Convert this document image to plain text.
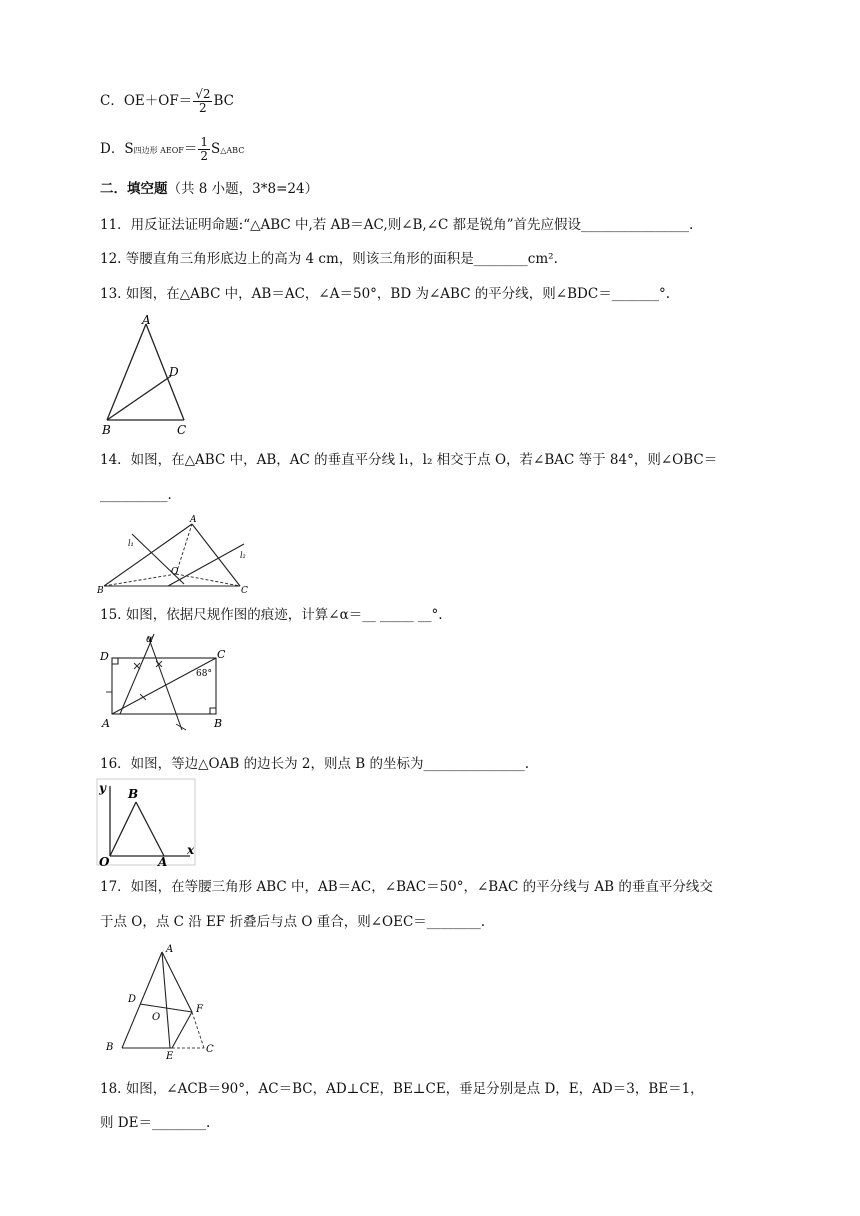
C．$OE+OF= \frac{√2}{2}$ BC
D．S四边形 AEOF＝ $\frac{1}{2}$ S△ABC
二．填空题（共 8 小题，3*8=24）
11．用反证法证明命题:“△ABC 中,若 AB＝AC,则∠B,∠C 都是锐角”首先应假设________________.
12. 等腰直角三角形底边上的高为 4 cm，则该三角形的面积是________cm².
13. 如图，在△ABC 中，AB＝AC，∠A＝50°，BD 为∠ABC 的平分线，则∠BDC＝_______°.
A
D
B	C
14．如图，在△ABC 中，AB，AC 的垂直平分线 l₁，l₂ 相交于点 O，若∠BAC 等于 84°，则∠OBC＝
__________.
A
l₁
l₂
O
B	C
15. 如图，依据尺规作图的痕迹，计算∠α＝__ _____ __°.
α
D	C
68°
A	B
16．如图，等边△OAB 的边长为 2，则点 B 的坐标为_______________.
y B
x
O	A
17．如图，在等腰三角形 ABC 中，AB＝AC，∠BAC＝50°，∠BAC 的平分线与 AB 的垂直平分线交
于点 O，点 C 沿 EF 折叠后与点 O 重合，则∠OEC＝________.
A
D
O
F
B
E
C
18. 如图，∠ACB＝90°，AC＝BC，AD⊥CE，BE⊥CE，垂足分别是点 D，E，AD＝3，BE＝1，
则 DE＝________.
